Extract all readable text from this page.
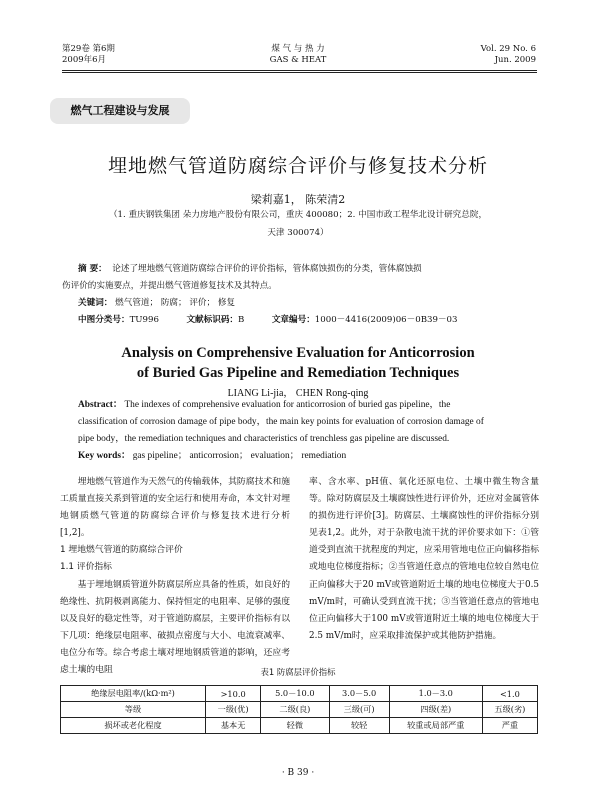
第29卷 第6期
2009年6月
煤 气 与 热 力
GAS & HEAT
Vol. 29 No. 6
Jun. 2009
燃气工程建设与发展
埋地燃气管道防腐综合评价与修复技术分析
梁莉嘉1， 陈荣清2
（1. 重庆钢铁集团 朵力房地产股份有限公司，重庆 400080；2. 中国市政工程华北设计研究总院，
天津 300074）
摘 要： 论述了埋地燃气管道防腐综合评价的评价指标，管体腐蚀损伤的分类，管体腐蚀损
伤评价的实施要点，并提出燃气管道修复技术及其特点。
关键词： 燃气管道； 防腐； 评价； 修复
中图分类号：TU996	文献标识码：B	文章编号：1000－4416(2009)06－0B39－03
Analysis on Comprehensive Evaluation for Anticorrosion
of Buried Gas Pipeline and Remediation Techniques
LIANG Li-jia， CHEN Rong-qing
Abstract： The indexes of comprehensive evaluation for anticorrosion of buried gas pipeline，the
classification of corrosion damage of pipe body，the main key points for evaluation of corrosion damage of
pipe body，the remediation techniques and characteristics of trenchless gas pipeline are discussed.
Key words： gas pipeline； anticorrosion； evaluation； remediation

埋地燃气管道作为天然气的传输载体，其防腐技术和施工质量直接关系到管道的安全运行和使用寿命，本文针对埋地钢质燃气管道的防腐综合评价与修复技术进行分析[1,2]。

1 埋地燃气管道的防腐综合评价

1.1 评价指标

基于埋地钢质管道外防腐层所应具备的性质，如良好的绝缘性、抗阴极剥离能力、保持恒定的电阻率、足够的强度以及良好的稳定性等，对于管道防腐层，主要评价指标有以下几项：绝缘层电阻率、破损点密度与大小、电流衰减率、电位分布等。综合考虑土壤对埋地钢质管道的影响，还应考虑土壤的电阻

率、含水率、pH值、氧化还原电位、土壤中微生物含量等。除对防腐层及土壤腐蚀性进行评价外，还应对金属管体的损伤进行评价[3]。防腐层、土壤腐蚀性的评价指标分别见表1,2。此外，对于杂散电流干扰的评价要求如下：①管道受到直流干扰程度的判定，应采用管地电位正向偏移指标或地电位梯度指标；②当管道任意点的管地电位较自然电位正向偏移大于20 mV或管道附近土壤的地电位梯度大于0.5 mV/m时，可确认受到直流干扰；③当管道任意点的管地电位正向偏移大于100 mV或管道附近土壤的地电位梯度大于2.5 mV/m时，应采取排流保护或其他防护措施。

表1 防腐层评价指标
绝缘层电阻率/(kΩ·m²)	>10.0	5.0－10.0	3.0－5.0	1.0－3.0	<1.0
等级	一级(优)	二级(良)	三级(可)	四级(差)	五级(劣)
损坏或老化程度	基本无	轻微	较轻	较重或局部严重	严重
· B 39 ·
